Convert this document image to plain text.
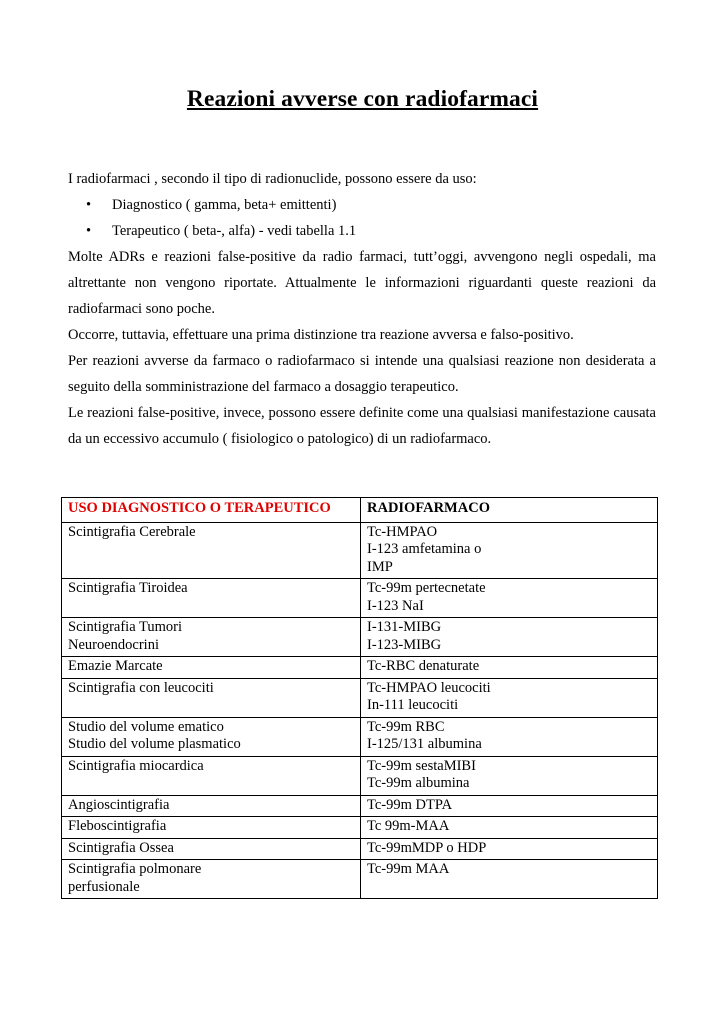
Reazioni avverse con radiofarmaci

I radiofarmaci , secondo il tipo di radionuclide, possono essere da uso:

• Diagnostico ( gamma, beta+ emittenti)
• Terapeutico ( beta-, alfa) - vedi tabella 1.1

Molte ADRs e reazioni false-positive da radio farmaci, tutt’oggi, avvengono negli ospedali, ma altrettante non vengono riportate. Attualmente le informazioni riguardanti queste reazioni da radiofarmaci sono poche.

Occorre, tuttavia, effettuare una prima distinzione tra reazione avversa e falso-positivo.

Per reazioni avverse da farmaco o radiofarmaco si intende una qualsiasi reazione non desiderata a seguito della somministrazione del farmaco a dosaggio terapeutico.

Le reazioni false-positive, invece, possono essere definite come una qualsiasi manifestazione causata da un eccessivo accumulo ( fisiologico o patologico) di un radiofarmaco.

USO DIAGNOSTICO O TERAPEUTICO	RADIOFARMACO

Scintigrafia Cerebrale	Tc-HMPAO
I-123 amfetamina o
IMP

Scintigrafia Tiroidea	Tc-99m pertecnetate
I-123 NaI

Scintigrafia Tumori
Neuroendocrini	I-131-MIBG
I-123-MIBG

Emazie Marcate	Tc-RBC denaturate

Scintigrafia con leucociti	Tc-HMPAO leucociti
In-111 leucociti

Studio del volume ematico
Studio del volume plasmatico	Tc-99m RBC
I-125/131 albumina

Scintigrafia miocardica	Tc-99m sestaMIBI
Tc-99m albumina

Angioscintigrafia	Tc-99m DTPA

Fleboscintigrafia	Tc 99m-MAA

Scintigrafia Ossea	Tc-99mMDP o HDP

Scintigrafia polmonare
perfusionale	Tc-99m MAA
